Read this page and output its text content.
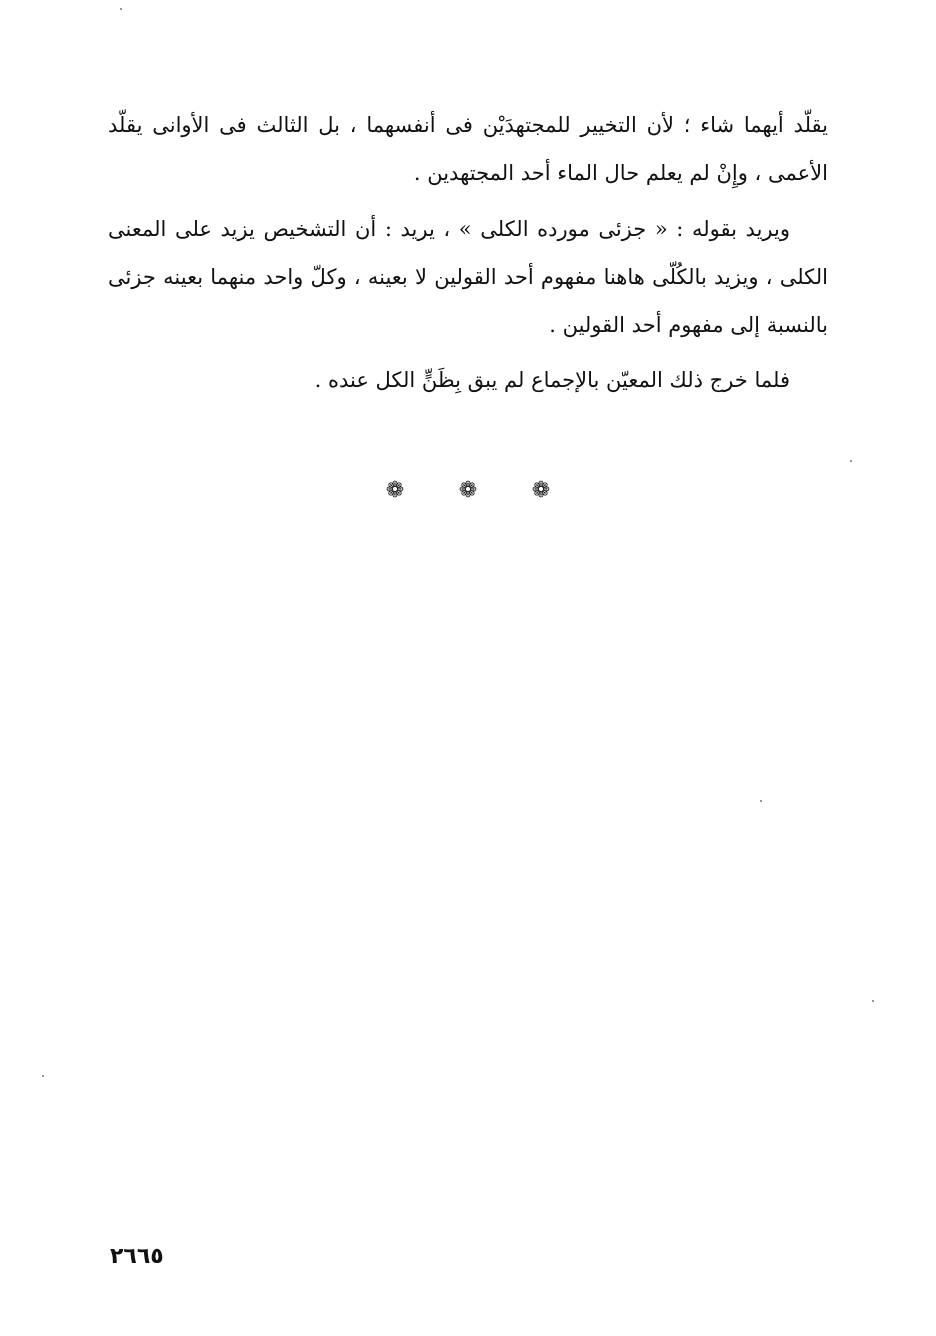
يقلّد أيهما شاء ؛ لأن التخيير للمجتهدَيْن فى أنفسهما ، بل الثالث فى الأوانى يقلّد الأعمى ، وإِنْ لم يعلم حال الماء أحد المجتهدين .

ويريد بقوله : « جزئى مورده الكلى » ، يريد : أن التشخيص يزيد على المعنى الكلى ، ويزيد بالكُلّى هاهنا مفهوم أحد القولين لا بعينه ، وكلّ واحد منهما بعينه جزئى بالنسبة إلى مفهوم أحد القولين .

فلما خرج ذلك المعيّن بالإجماع لم يبق بِظَنٍّ الكل عنده .

❁ ❁ ❁
٢٦٦٥
